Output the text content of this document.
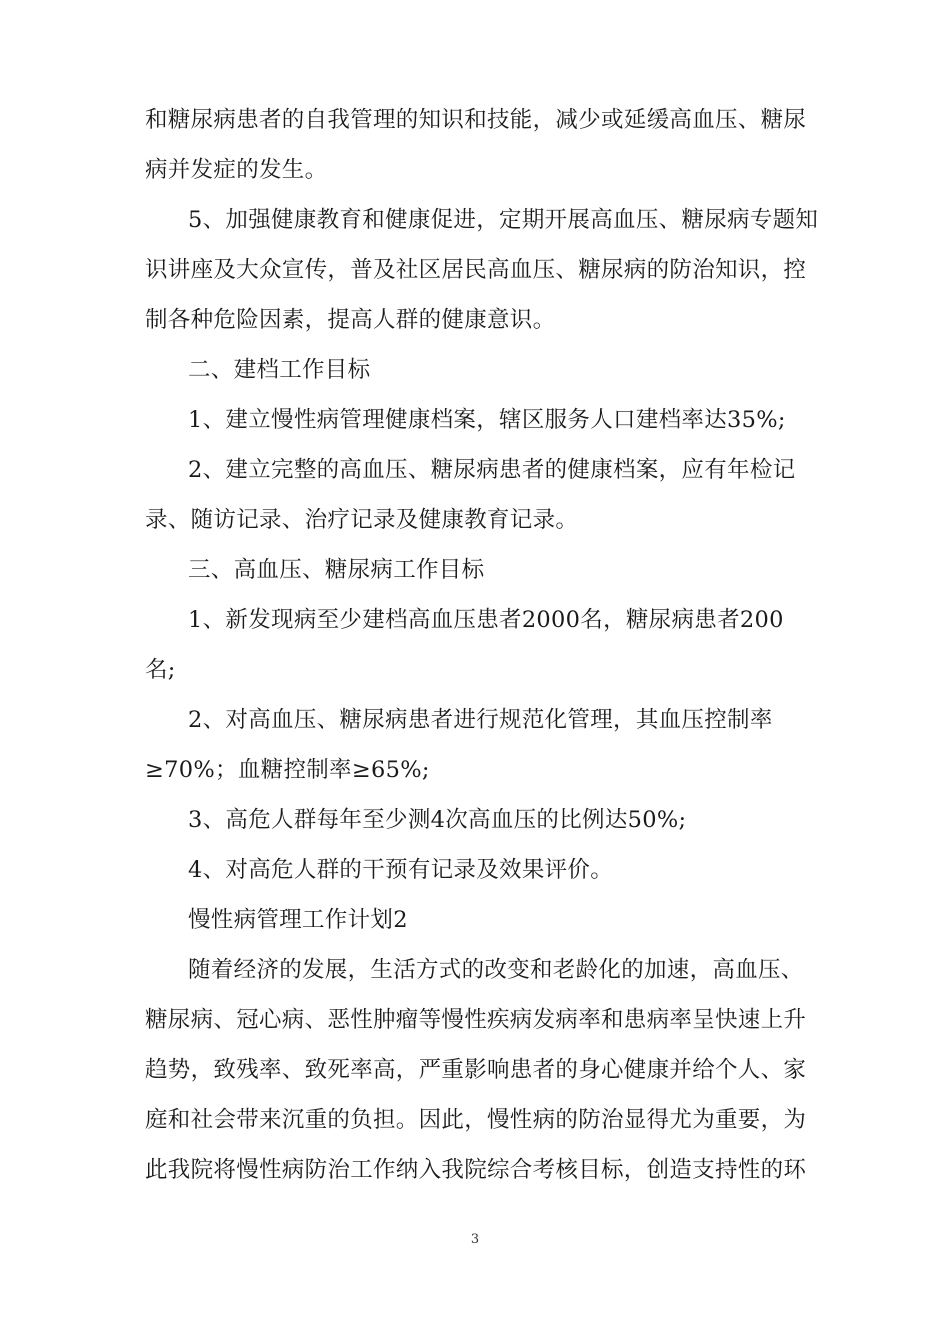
和糖尿病患者的自我管理的知识和技能，减少或延缓高血压、糖尿
病并发症的发生。
5、加强健康教育和健康促进，定期开展高血压、糖尿病专题知
识讲座及大众宣传，普及社区居民高血压、糖尿病的防治知识，控
制各种危险因素，提高人群的健康意识。
二、建档工作目标
1、建立慢性病管理健康档案，辖区服务人口建档率达35%;
2、建立完整的高血压、糖尿病患者的健康档案，应有年检记
录、随访记录、治疗记录及健康教育记录。
三、高血压、糖尿病工作目标
1、新发现病至少建档高血压患者2000名，糖尿病患者200
名;
2、对高血压、糖尿病患者进行规范化管理，其血压控制率
≥70%；血糖控制率≥65%;
3、高危人群每年至少测4次高血压的比例达50%;
4、对高危人群的干预有记录及效果评价。
慢性病管理工作计划2
随着经济的发展，生活方式的改变和老龄化的加速，高血压、
糖尿病、冠心病、恶性肿瘤等慢性疾病发病率和患病率呈快速上升
趋势，致残率、致死率高，严重影响患者的身心健康并给个人、家
庭和社会带来沉重的负担。因此，慢性病的防治显得尤为重要，为
此我院将慢性病防治工作纳入我院综合考核目标，创造支持性的环
3
